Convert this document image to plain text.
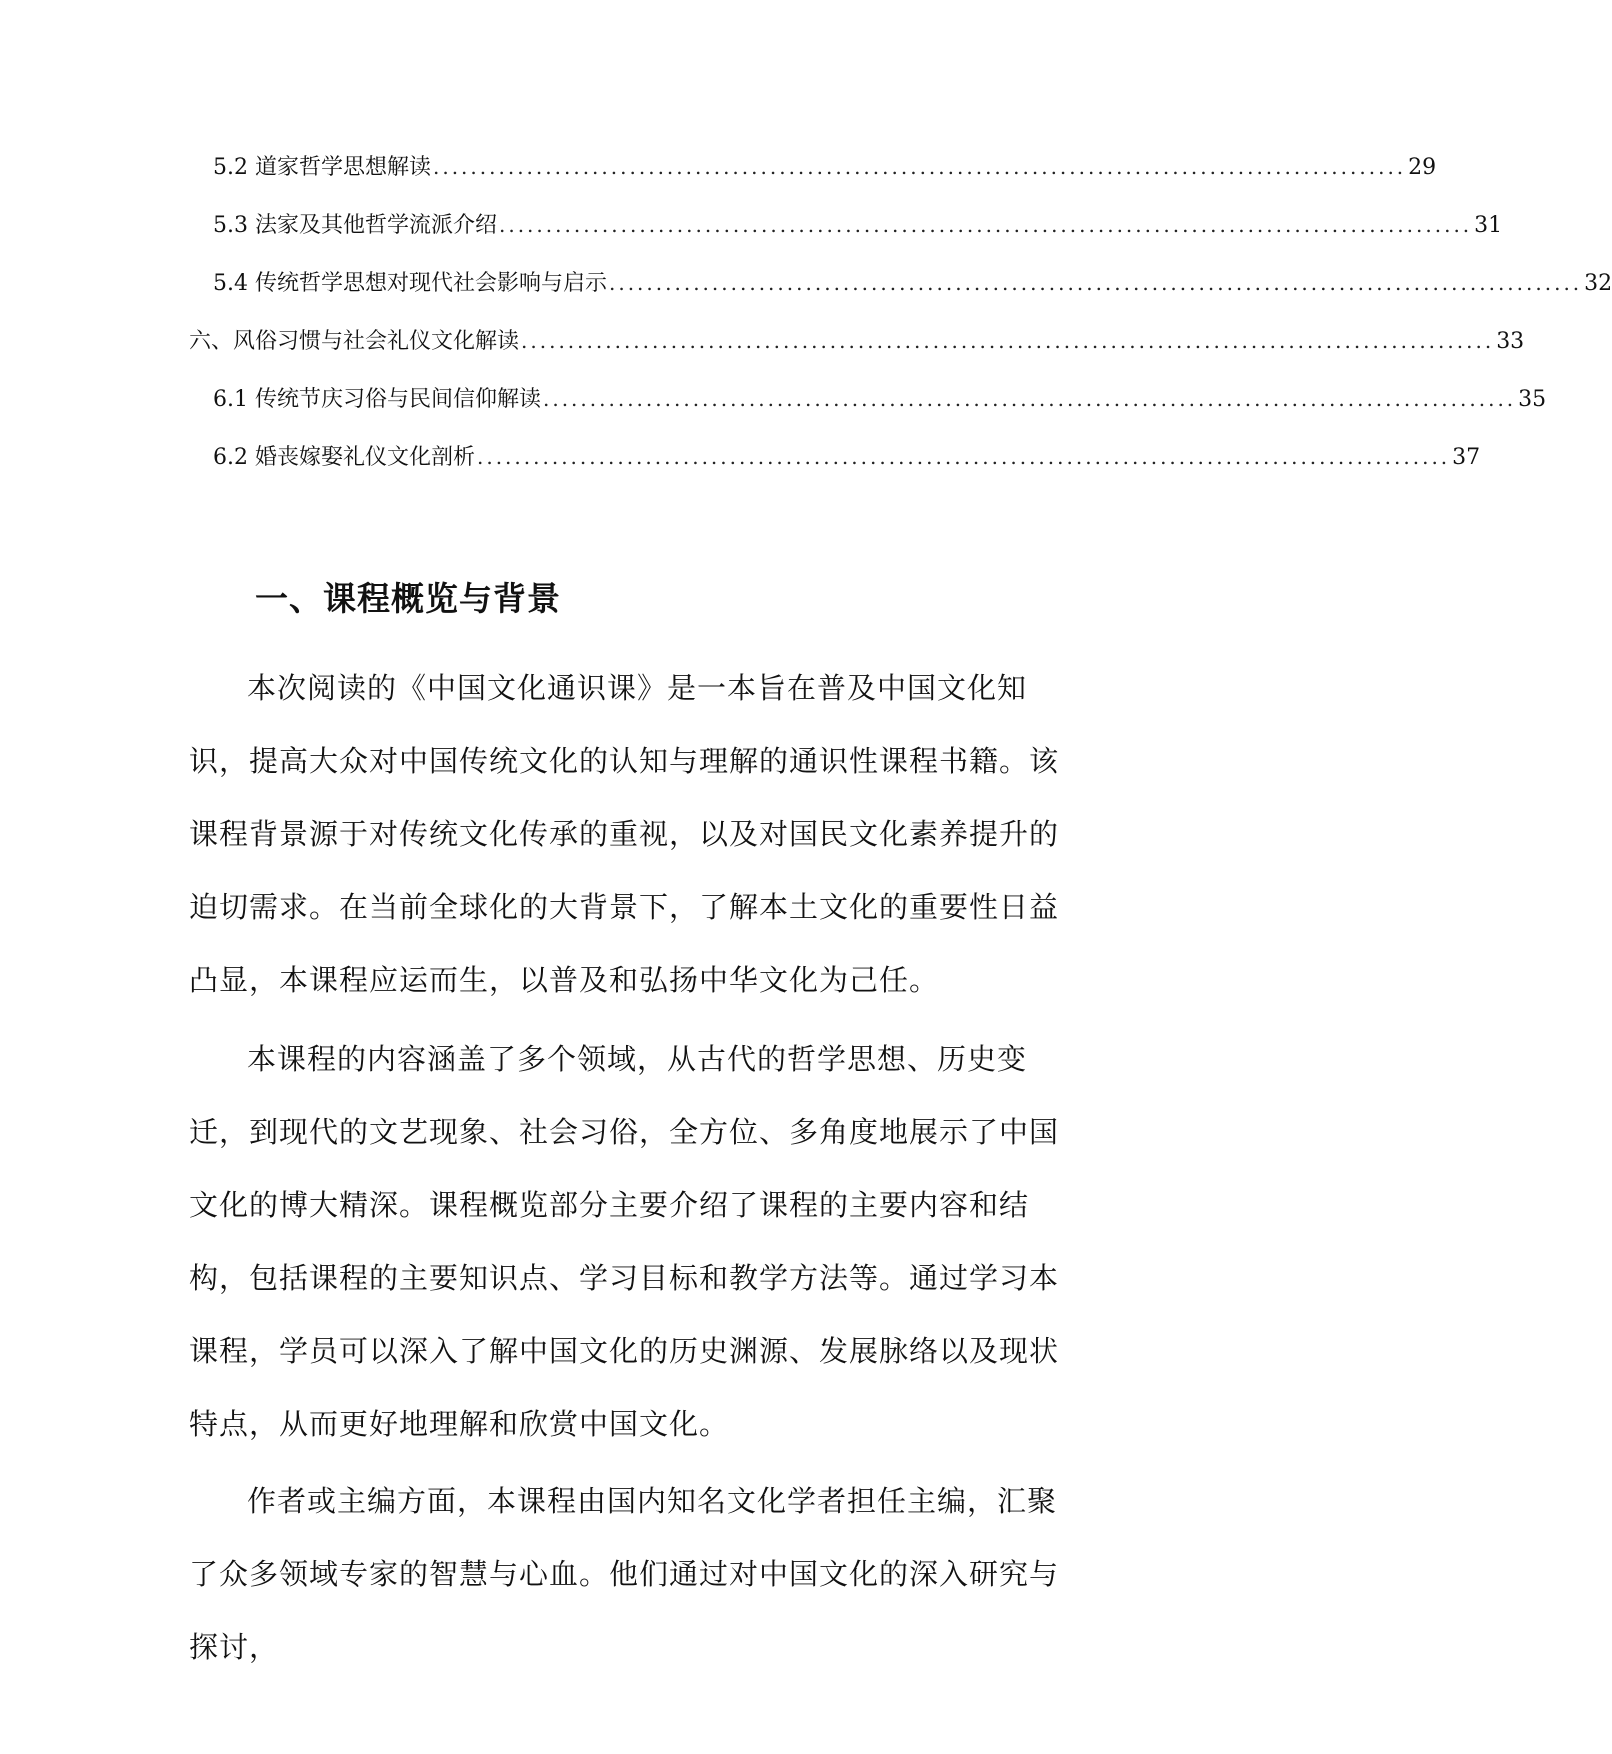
5.2 道家哲学思想解读 ........................................................................................................ 29
5.3 法家及其他哲学流派介绍 ........................................................................................................ 31
5.4 传统哲学思想对现代社会影响与启示 ........................................................................................................ 32
六、风俗习惯与社会礼仪文化解读 ........................................................................................................ 33
6.1 传统节庆习俗与民间信仰解读 ........................................................................................................ 35
6.2 婚丧嫁娶礼仪文化剖析 ........................................................................................................ 37
一、课程概览与背景

本次阅读的《中国文化通识课》是一本旨在普及中国文化知识，提高大众对中国传统文化的认知与理解的通识性课程书籍。该课程背景源于对传统文化传承的重视，以及对国民文化素养提升的迫切需求。在当前全球化的大背景下，了解本土文化的重要性日益凸显，本课程应运而生，以普及和弘扬中华文化为己任。

本课程的内容涵盖了多个领域，从古代的哲学思想、历史变迁，到现代的文艺现象、社会习俗，全方位、多角度地展示了中国文化的博大精深。课程概览部分主要介绍了课程的主要内容和结构，包括课程的主要知识点、学习目标和教学方法等。通过学习本课程，学员可以深入了解中国文化的历史渊源、发展脉络以及现状特点，从而更好地理解和欣赏中国文化。

作者或主编方面，本课程由国内知名文化学者担任主编，汇聚了众多领域专家的智慧与心血。他们通过对中国文化的深入研究与探讨，
